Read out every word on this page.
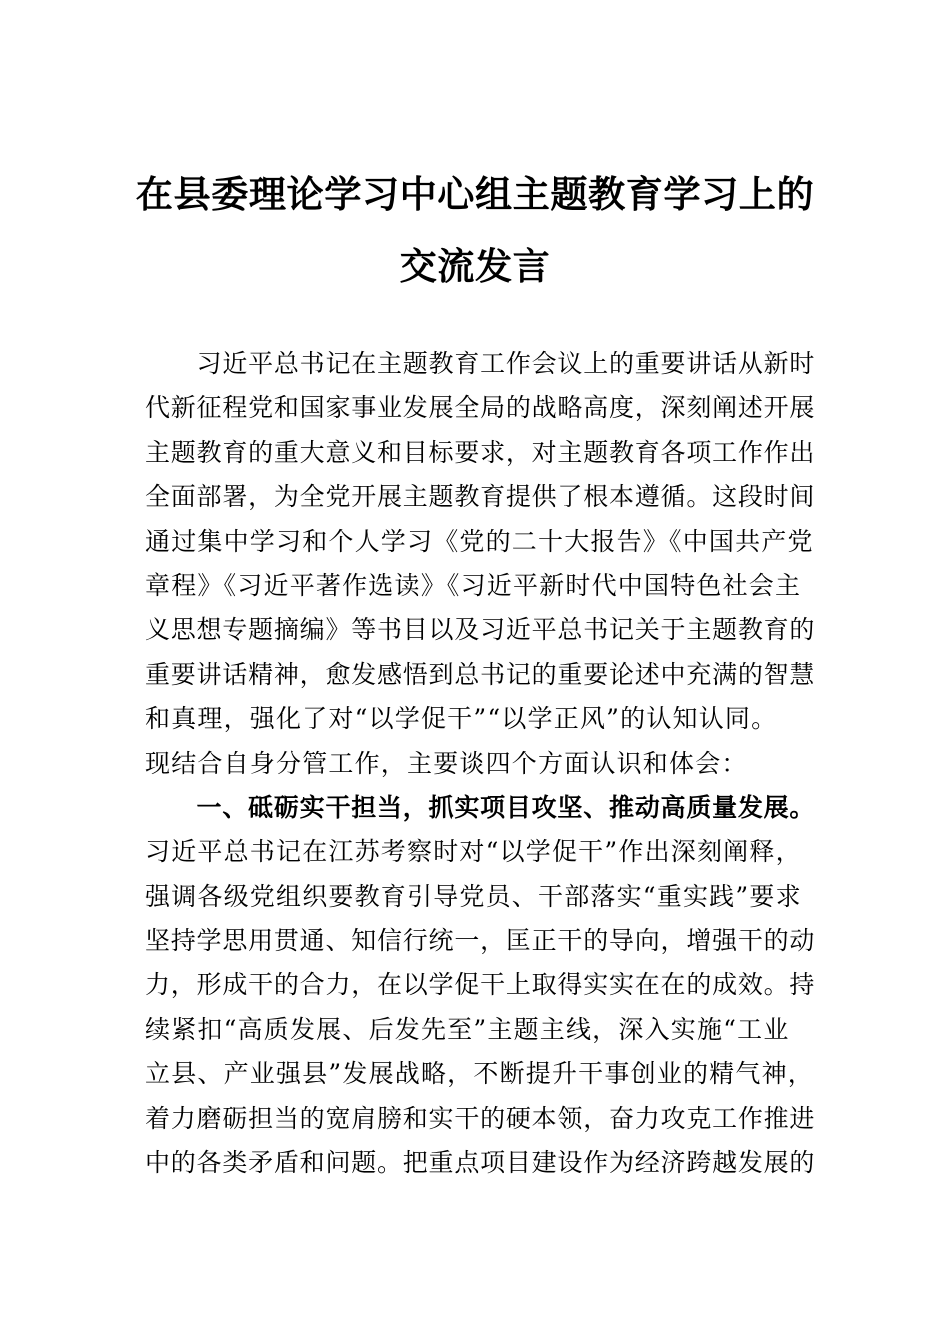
在县委理论学习中心组主题教育学习上的
交流发言
　　习近平总书记在主题教育工作会议上的重要讲话从新时
代新征程党和国家事业发展全局的战略高度，深刻阐述开展
主题教育的重大意义和目标要求，对主题教育各项工作作出
全面部署，为全党开展主题教育提供了根本遵循。这段时间
通过集中学习和个人学习《党的二十大报告》《中国共产党
章程》《习近平著作选读》《习近平新时代中国特色社会主
义思想专题摘编》等书目以及习近平总书记关于主题教育的
重要讲话精神，愈发感悟到总书记的重要论述中充满的智慧
和真理，强化了对“以学促干”“以学正风”的认知认同。
现结合自身分管工作，主要谈四个方面认识和体会：
　　一、砥砺实干担当，抓实项目攻坚、推动高质量发展。
习近平总书记在江苏考察时对“以学促干”作出深刻阐释，
强调各级党组织要教育引导党员、干部落实“重实践”要求
坚持学思用贯通、知信行统一，匡正干的导向，增强干的动
力，形成干的合力，在以学促干上取得实实在在的成效。持
续紧扣“高质发展、后发先至”主题主线，深入实施“工业
立县、产业强县”发展战略，不断提升干事创业的精气神，
着力磨砺担当的宽肩膀和实干的硬本领，奋力攻克工作推进
中的各类矛盾和问题。把重点项目建设作为经济跨越发展的
